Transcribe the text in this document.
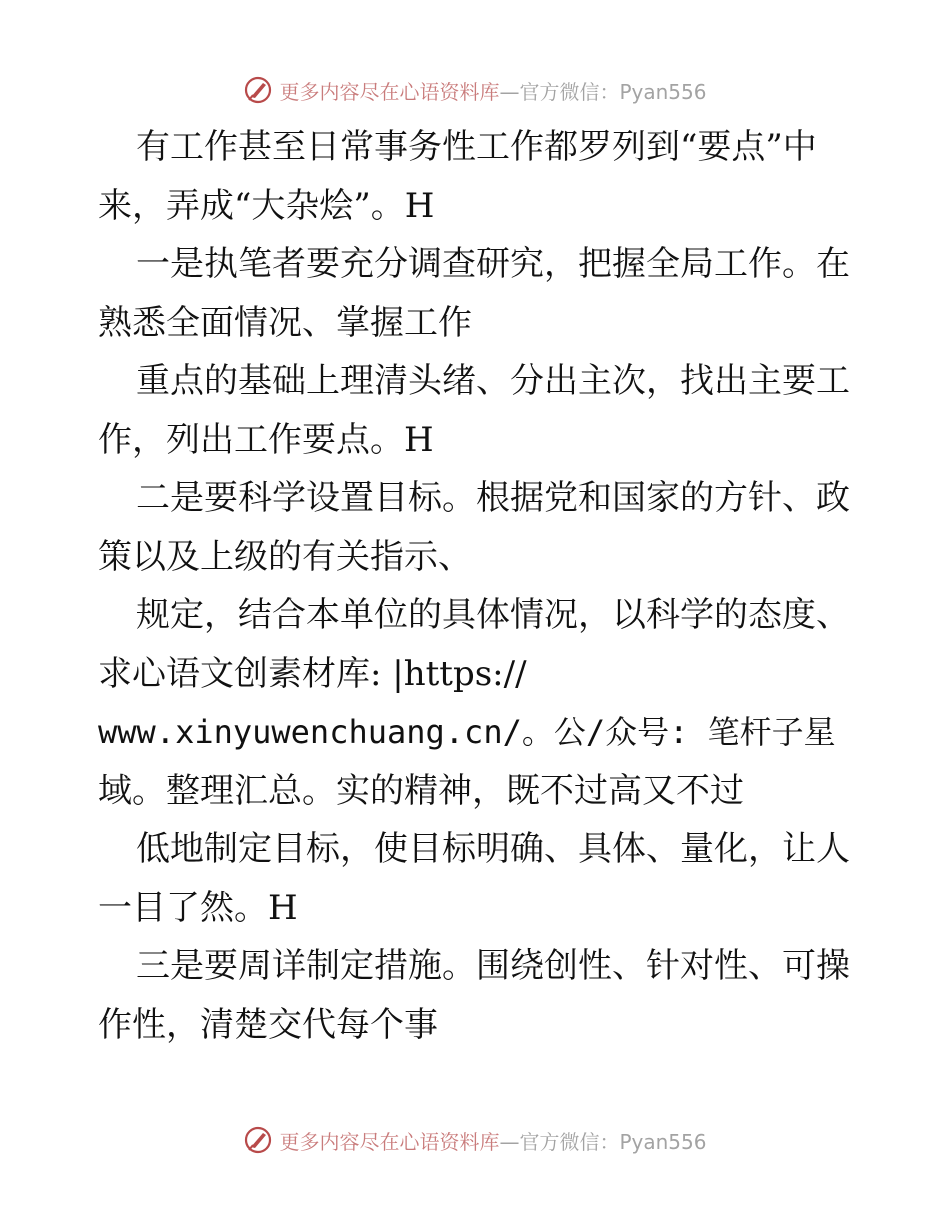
更多内容尽在心语资料库—官方微信：Pyan556
有工作甚至日常事务性工作都罗列到“要点”中
来，弄成“大杂烩”。H
一是执笔者要充分调查研究，把握全局工作。在
熟悉全面情况、掌握工作
重点的基础上理清头绪、分出主次，找出主要工
作，列出工作要点。H
二是要科学设置目标。根据党和国家的方针、政
策以及上级的有关指示、
规定，结合本单位的具体情况，以科学的态度、
求心语文创素材库: |https://
www.xinyuwenchuang.cn/。公/众号: 笔杆子星
域。整理汇总。实的精神，既不过高又不过
低地制定目标，使目标明确、具体、量化，让人
一目了然。H
三是要周详制定措施。围绕创性、针对性、可操
作性，清楚交代每个事
更多内容尽在心语资料库—官方微信：Pyan556
